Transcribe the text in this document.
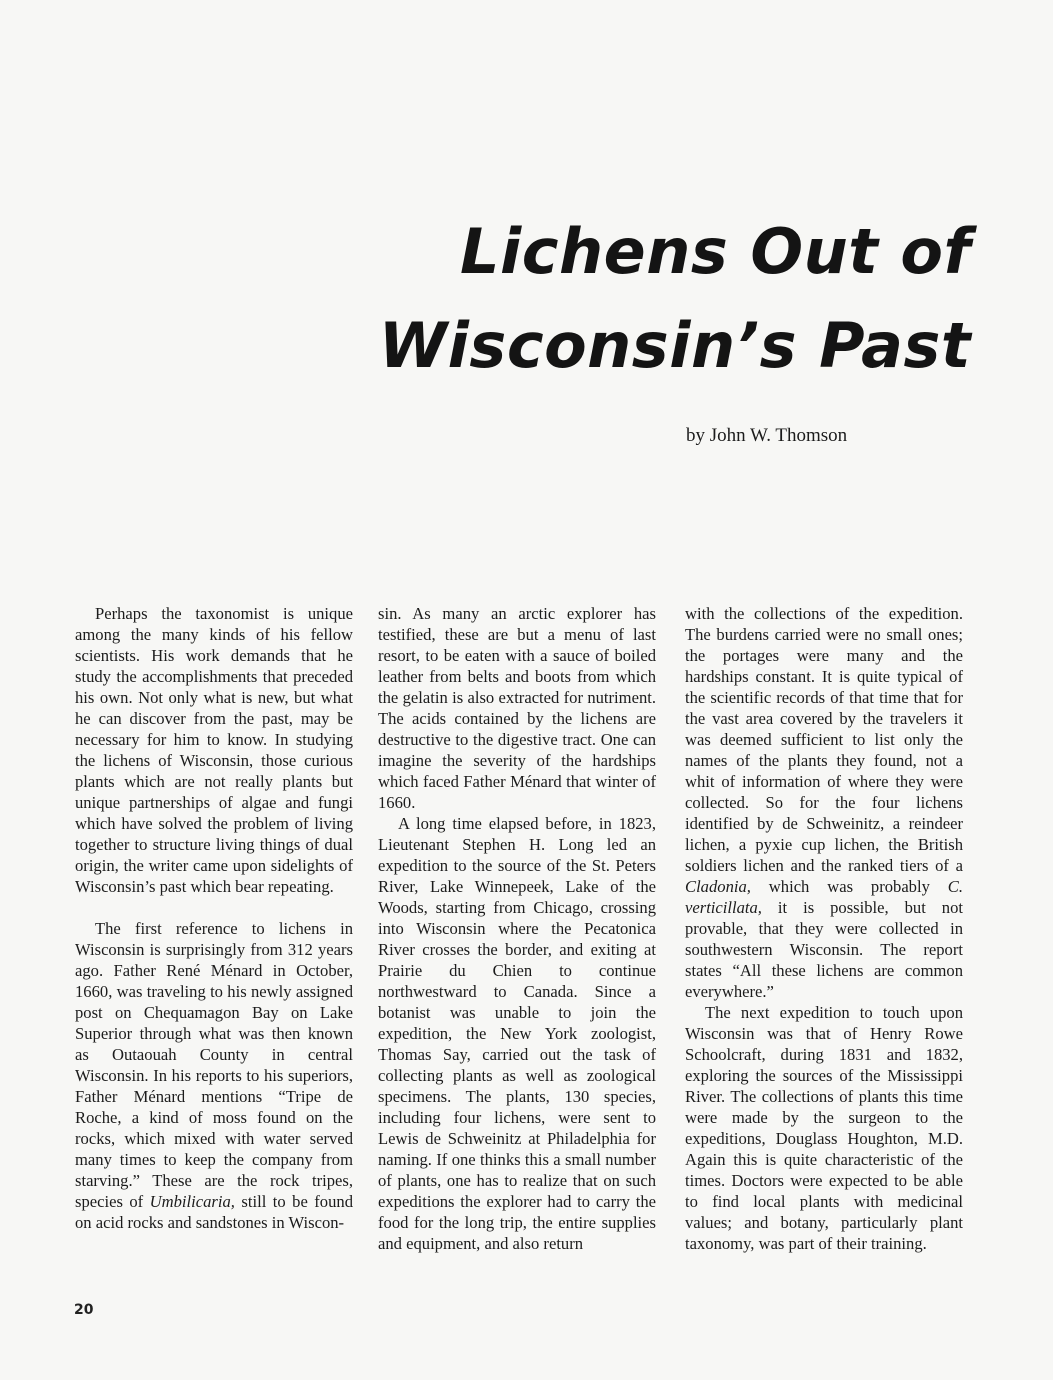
Lichens Out of
Wisconsin’s Past
by John W. Thomson

Perhaps the taxonomist is unique among the many kinds of his fellow scientists. His work demands that he study the accomplishments that preceded his own. Not only what is new, but what he can discover from the past, may be necessary for him to know. In studying the lichens of Wisconsin, those curious plants which are not really plants but unique partnerships of algae and fungi which have solved the problem of living together to structure living things of dual origin, the writer came upon sidelights of Wisconsin’s past which bear repeating.

The first reference to lichens in Wisconsin is surprisingly from 312 years ago. Father René Ménard in October, 1660, was traveling to his newly assigned post on Chequamagon Bay on Lake Superior through what was then known as Outaouah County in central Wisconsin. In his reports to his superiors, Father Ménard mentions “Tripe de Roche, a kind of moss found on the rocks, which mixed with water served many times to keep the company from starving.” These are the rock tripes, species of Umbilicaria, still to be found on acid rocks and sandstones in Wiscon-

sin. As many an arctic explorer has testified, these are but a menu of last resort, to be eaten with a sauce of boiled leather from belts and boots from which the gelatin is also extracted for nutriment. The acids contained by the lichens are destructive to the digestive tract. One can imagine the severity of the hardships which faced Father Ménard that winter of 1660.

A long time elapsed before, in 1823, Lieutenant Stephen H. Long led an expedition to the source of the St. Peters River, Lake Winnepeek, Lake of the Woods, starting from Chicago, crossing into Wisconsin where the Pecatonica River crosses the border, and exiting at Prairie du Chien to continue northwestward to Canada. Since a botanist was unable to join the expedition, the New York zoologist, Thomas Say, carried out the task of collecting plants as well as zoological specimens. The plants, 130 species, including four lichens, were sent to Lewis de Schweinitz at Philadelphia for naming. If one thinks this a small number of plants, one has to realize that on such expeditions the explorer had to carry the food for the long trip, the entire supplies and equipment, and also return

with the collections of the expedition. The burdens carried were no small ones; the portages were many and the hardships constant. It is quite typical of the scientific records of that time that for the vast area covered by the travelers it was deemed sufficient to list only the names of the plants they found, not a whit of information of where they were collected. So for the four lichens identified by de Schweinitz, a reindeer lichen, a pyxie cup lichen, the British soldiers lichen and the ranked tiers of a Cladonia, which was probably C. verticillata, it is possible, but not provable, that they were collected in southwestern Wisconsin. The report states “All these lichens are common everywhere.”

The next expedition to touch upon Wisconsin was that of Henry Rowe Schoolcraft, during 1831 and 1832, exploring the sources of the Mississippi River. The collections of plants this time were made by the surgeon to the expeditions, Douglass Houghton, M.D. Again this is quite characteristic of the times. Doctors were expected to be able to find local plants with medicinal values; and botany, particularly plant taxonomy, was part of their training.

20
